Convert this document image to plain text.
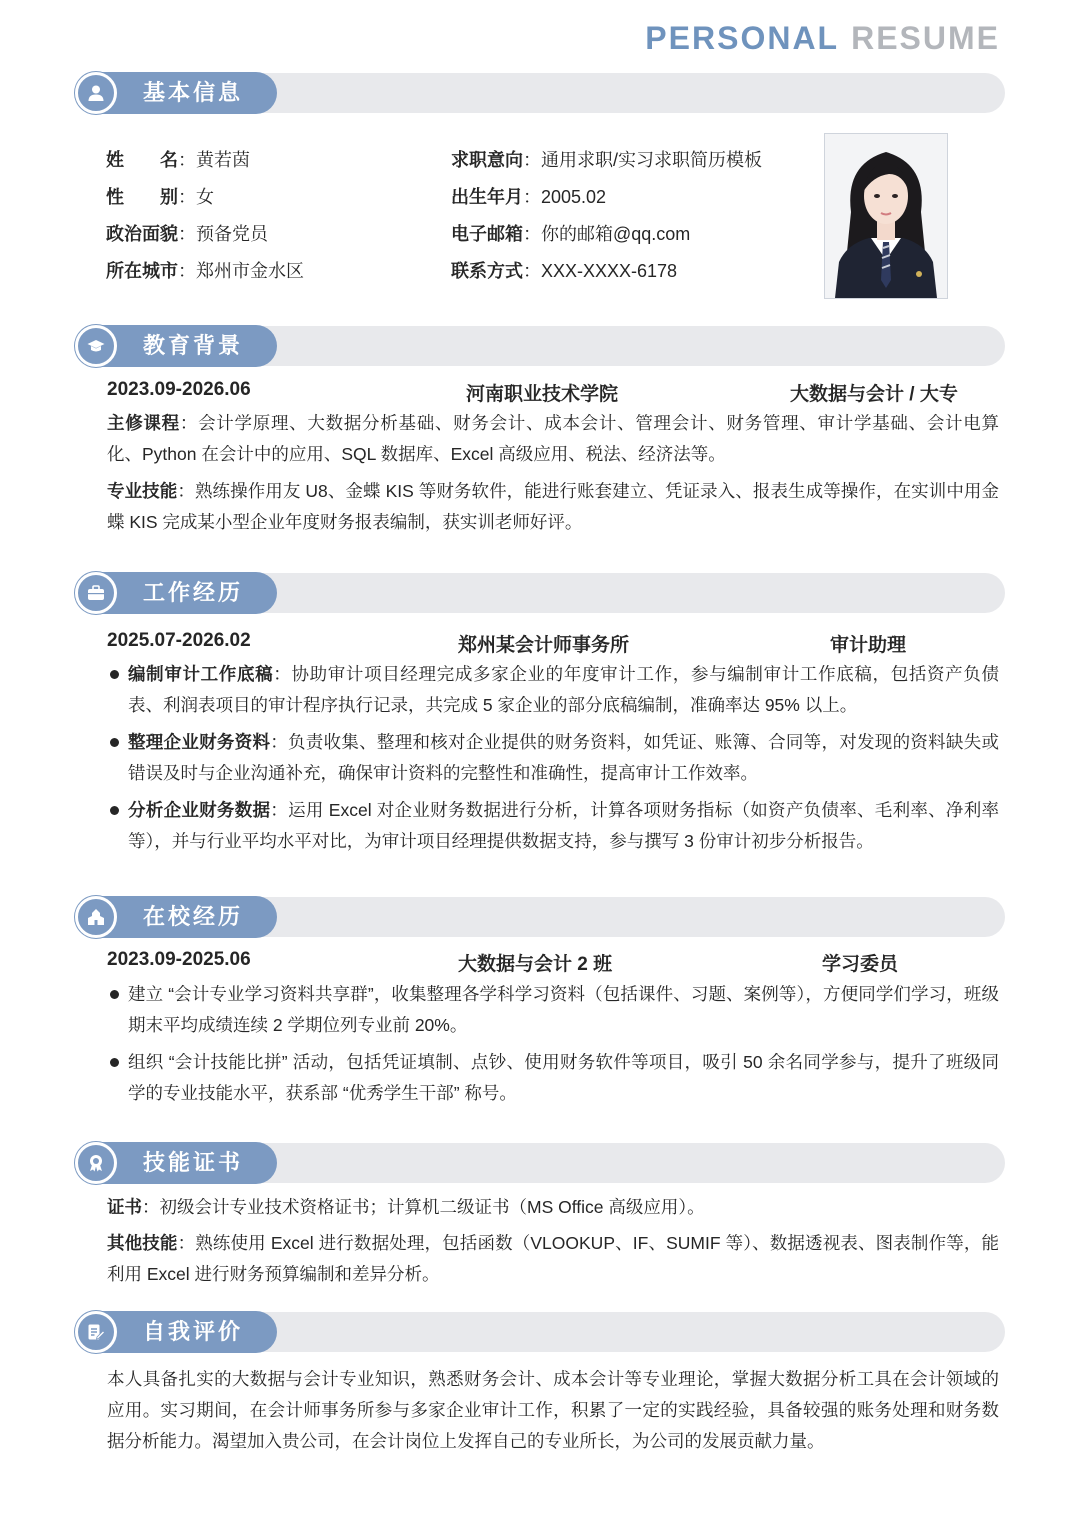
PERSONAL RESUME
基本信息
姓名 ：黄若茵
性别 ：女
政治面貌 ：预备党员
所在城市 ：郑州市金水区
求职意向 ：通用求职/实习求职简历模板
出生年月 ：2005.02
电子邮箱 ：你的邮箱@qq.com
联系方式 ：XXX-XXXX-6178
教育背景
2023.09-2026.06	河南职业技术学院	大数据与会计 / 大专

主修课程：会计学原理、大数据分析基础、财务会计、成本会计、管理会计、财务管理、审计学基础、会计电算化、Python 在会计中的应用、SQL 数据库、Excel 高级应用、税法、经济法等。

专业技能：熟练操作用友 U8、金蝶 KIS 等财务软件，能进行账套建立、凭证录入、报表生成等操作，在实训中用金蝶 KIS 完成某小型企业年度财务报表编制，获实训老师好评。

工作经历
2025.07-2026.02	郑州某会计师事务所	审计助理

编制审计工作底稿：协助审计项目经理完成多家企业的年度审计工作，参与编制审计工作底稿，包括资产负债表、利润表项目的审计程序执行记录，共完成 5 家企业的部分底稿编制，准确率达 95% 以上。

整理企业财务资料：负责收集、整理和核对企业提供的财务资料，如凭证、账簿、合同等，对发现的资料缺失或错误及时与企业沟通补充，确保审计资料的完整性和准确性，提高审计工作效率。

分析企业财务数据：运用 Excel 对企业财务数据进行分析，计算各项财务指标（如资产负债率、毛利率、净利率等），并与行业平均水平对比，为审计项目经理提供数据支持，参与撰写 3 份审计初步分析报告。

在校经历
2023.09-2025.06	大数据与会计 2 班	学习委员

建立 “会计专业学习资料共享群”，收集整理各学科学习资料（包括课件、习题、案例等），方便同学们学习，班级期末平均成绩连续 2 学期位列专业前 20%。

组织 “会计技能比拼” 活动，包括凭证填制、点钞、使用财务软件等项目，吸引 50 余名同学参与，提升了班级同学的专业技能水平，获系部 “优秀学生干部” 称号。

技能证书

证书：初级会计专业技术资格证书；计算机二级证书（MS Office 高级应用）。

其他技能：熟练使用 Excel 进行数据处理，包括函数（VLOOKUP、IF、SUMIF 等）、数据透视表、图表制作等，能利用 Excel 进行财务预算编制和差异分析。

自我评价

本人具备扎实的大数据与会计专业知识，熟悉财务会计、成本会计等专业理论，掌握大数据分析工具在会计领域的应用。实习期间，在会计师事务所参与多家企业审计工作，积累了一定的实践经验，具备较强的账务处理和财务数据分析能力。渴望加入贵公司，在会计岗位上发挥自己的专业所长，为公司的发展贡献力量。
